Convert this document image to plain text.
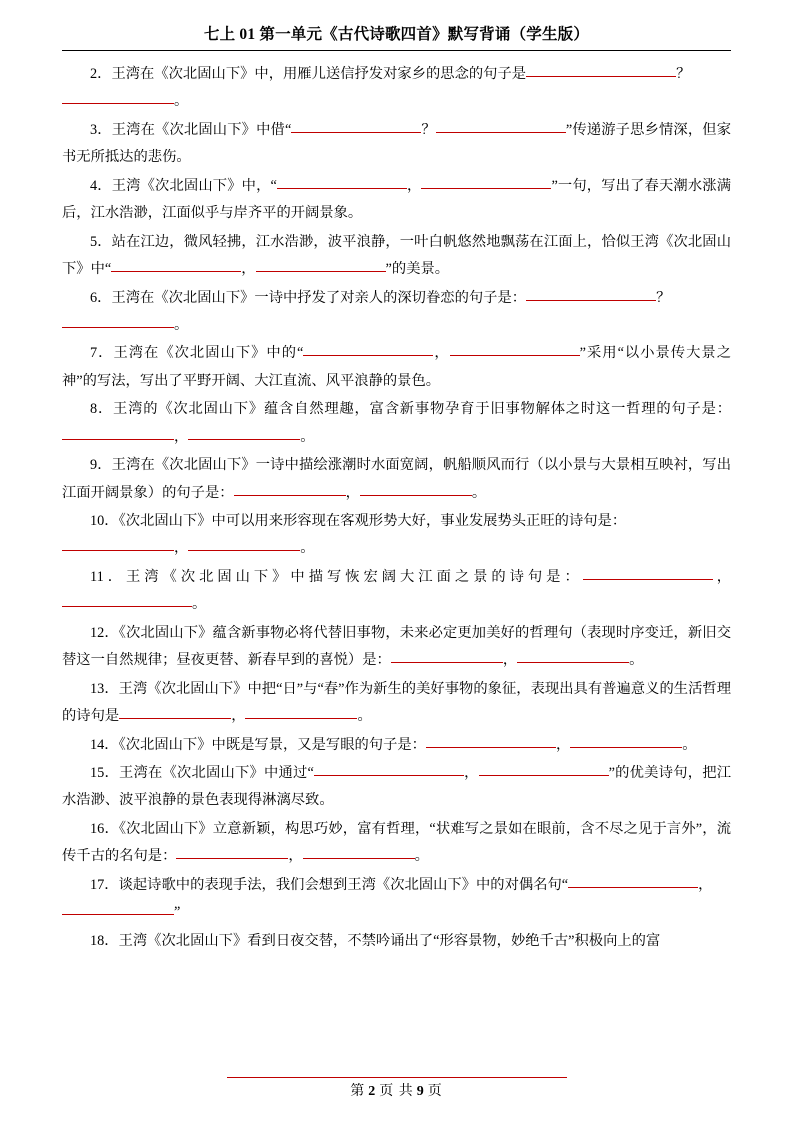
七上 01 第一单元《古代诗歌四首》默写背诵（学生版）

2．王湾在《次北固山下》中，用雁儿送信抒发对家乡的思念的句子是	？
。

3．王湾在《次北固山下》中借“	？	”传递游子思乡情深，但家书无所抵达的悲伤。

4．王湾《次北固山下》中，“	，	”一句，写出了春天潮水涨满后，江水浩渺，江面似乎与岸齐平的开阔景象。

5．站在江边，微风轻拂，江水浩渺，波平浪静，一叶白帆悠然地飘荡在江面上，恰似王湾《次北固山下》中“	，	”的美景。

6．王湾在《次北固山下》一诗中抒发了对亲人的深切眷恋的句子是：	？
。

7．王湾在《次北固山下》中的“	，	”采用“以小景传大景之神”的写法，写出了平野开阔、大江直流、风平浪静的景色。

8．王湾的《次北固山下》蕴含自然理趣，富含新事物孕育于旧事物解体之时这一哲理的句子是： ，	。

9．王湾在《次北固山下》一诗中描绘涨潮时水面宽阔，帆船顺风而行（以小景与大景相互映衬，写出江面开阔景象）的句子是：	，	。

10．《次北固山下》中可以用来形容现在客观形势大好，事业发展势头正旺的诗句是：
，	。

11．王湾《次北固山下》中描写恢宏阔大江面之景的诗句是：	， 。

12．《次北固山下》蕴含新事物必将代替旧事物，未来必定更加美好的哲理句（表现时序变迁，新旧交替这一自然规律；昼夜更替、新春早到的喜悦）是：	，	。

13．王湾《次北固山下》中把“日”与“春”作为新生的美好事物的象征，表现出具有普遍意义的生活哲理的诗句是	，	。

14．《次北固山下》中既是写景，又是写眼的句子是：	，	。

15．王湾在《次北固山下》中通过“	，	”的优美诗句，把江水浩渺、波平浪静的景色表现得淋漓尽致。

16．《次北固山下》立意新颖，构思巧妙，富有哲理，“状难写之景如在眼前，含不尽之见于言外”，流传千古的名句是：	，	。

17．谈起诗歌中的表现手法，我们会想到王湾《次北固山下》中的对偶名句“	，
”

18．王湾《次北固山下》看到日夜交替，不禁吟诵出了“形容景物，妙绝千古”积极向上的富

第 2 页 共 9 页
